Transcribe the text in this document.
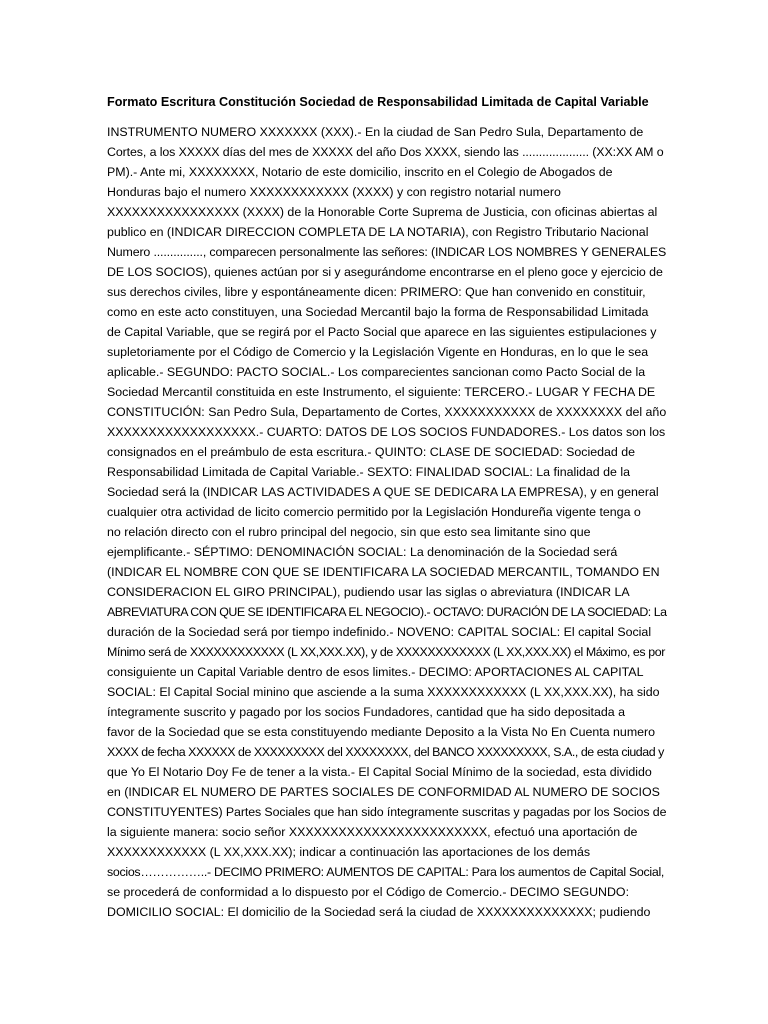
Formato Escritura Constitución Sociedad de Responsabilidad Limitada de Capital Variable

INSTRUMENTO NUMERO XXXXXXX (XXX).- En la ciudad de San Pedro Sula, Departamento de
Cortes, a los XXXXX días del mes de XXXXX del año Dos XXXX, siendo las .................... (XX:XX AM o
PM).- Ante mi, XXXXXXXX, Notario de este domicilio, inscrito en el Colegio de Abogados de
Honduras bajo el numero XXXXXXXXXXXX (XXXX) y con registro notarial numero
XXXXXXXXXXXXXXXX (XXXX) de la Honorable Corte Suprema de Justicia, con oficinas abiertas al
publico en (INDICAR DIRECCION COMPLETA DE LA NOTARIA), con Registro Tributario Nacional
Numero ..............., comparecen personalmente las señores: (INDICAR LOS NOMBRES Y GENERALES
DE LOS SOCIOS), quienes actúan por si y asegurándome encontrarse en el pleno goce y ejercicio de
sus derechos civiles, libre y espontáneamente dicen: PRIMERO: Que han convenido en constituir,
como en este acto constituyen, una Sociedad Mercantil bajo la forma de Responsabilidad Limitada
de Capital Variable, que se regirá por el Pacto Social que aparece en las siguientes estipulaciones y
supletoriamente por el Código de Comercio y la Legislación Vigente en Honduras, en lo que le sea
aplicable.- SEGUNDO: PACTO SOCIAL.- Los comparecientes sancionan como Pacto Social de la
Sociedad Mercantil constituida en este Instrumento, el siguiente: TERCERO.- LUGAR Y FECHA DE
CONSTITUCIÓN: San Pedro Sula, Departamento de Cortes, XXXXXXXXXXX de XXXXXXXX del año
XXXXXXXXXXXXXXXXXX.- CUARTO: DATOS DE LOS SOCIOS FUNDADORES.- Los datos son los
consignados en el preámbulo de esta escritura.- QUINTO: CLASE DE SOCIEDAD: Sociedad de
Responsabilidad Limitada de Capital Variable.- SEXTO: FINALIDAD SOCIAL: La finalidad de la
Sociedad será la (INDICAR LAS ACTIVIDADES A QUE SE DEDICARA LA EMPRESA), y en general
cualquier otra actividad de licito comercio permitido por la Legislación Hondureña vigente tenga o
no relación directo con el rubro principal del negocio, sin que esto sea limitante sino que
ejemplificante.- SÉPTIMO: DENOMINACIÓN SOCIAL: La denominación de la Sociedad será
(INDICAR EL NOMBRE CON QUE SE IDENTIFICARA LA SOCIEDAD MERCANTIL, TOMANDO EN
CONSIDERACION EL GIRO PRINCIPAL), pudiendo usar las siglas o abreviatura (INDICAR LA
ABREVIATURA CON QUE SE IDENTIFICARA EL NEGOCIO).- OCTAVO: DURACIÓN DE LA SOCIEDAD: La
duración de la Sociedad será por tiempo indefinido.- NOVENO: CAPITAL SOCIAL: El capital Social
Mínimo será de XXXXXXXXXXXX (L XX,XXX.XX), y de XXXXXXXXXXXX (L XX,XXX.XX) el Máximo, es por
consiguiente un Capital Variable dentro de esos limites.- DECIMO: APORTACIONES AL CAPITAL
SOCIAL: El Capital Social minino que asciende a la suma XXXXXXXXXXXX (L XX,XXX.XX), ha sido
íntegramente suscrito y pagado por los socios Fundadores, cantidad que ha sido depositada a
favor de la Sociedad que se esta constituyendo mediante Deposito a la Vista No En Cuenta numero
XXXX de fecha XXXXXX de XXXXXXXXX del XXXXXXXX, del BANCO XXXXXXXXX, S.A., de esta ciudad y
que Yo El Notario Doy Fe de tener a la vista.- El Capital Social Mínimo de la sociedad, esta dividido
en (INDICAR EL NUMERO DE PARTES SOCIALES DE CONFORMIDAD AL NUMERO DE SOCIOS
CONSTITUYENTES) Partes Sociales que han sido íntegramente suscritas y pagadas por los Socios de
la siguiente manera: socio señor XXXXXXXXXXXXXXXXXXXXXXXX, efectuó una aportación de
XXXXXXXXXXXX (L XX,XXX.XX); indicar a continuación las aportaciones de los demás
socios……………..- DECIMO PRIMERO: AUMENTOS DE CAPITAL: Para los aumentos de Capital Social,
se procederá de conformidad a lo dispuesto por el Código de Comercio.- DECIMO SEGUNDO:
DOMICILIO SOCIAL: El domicilio de la Sociedad será la ciudad de XXXXXXXXXXXXXX; pudiendo
